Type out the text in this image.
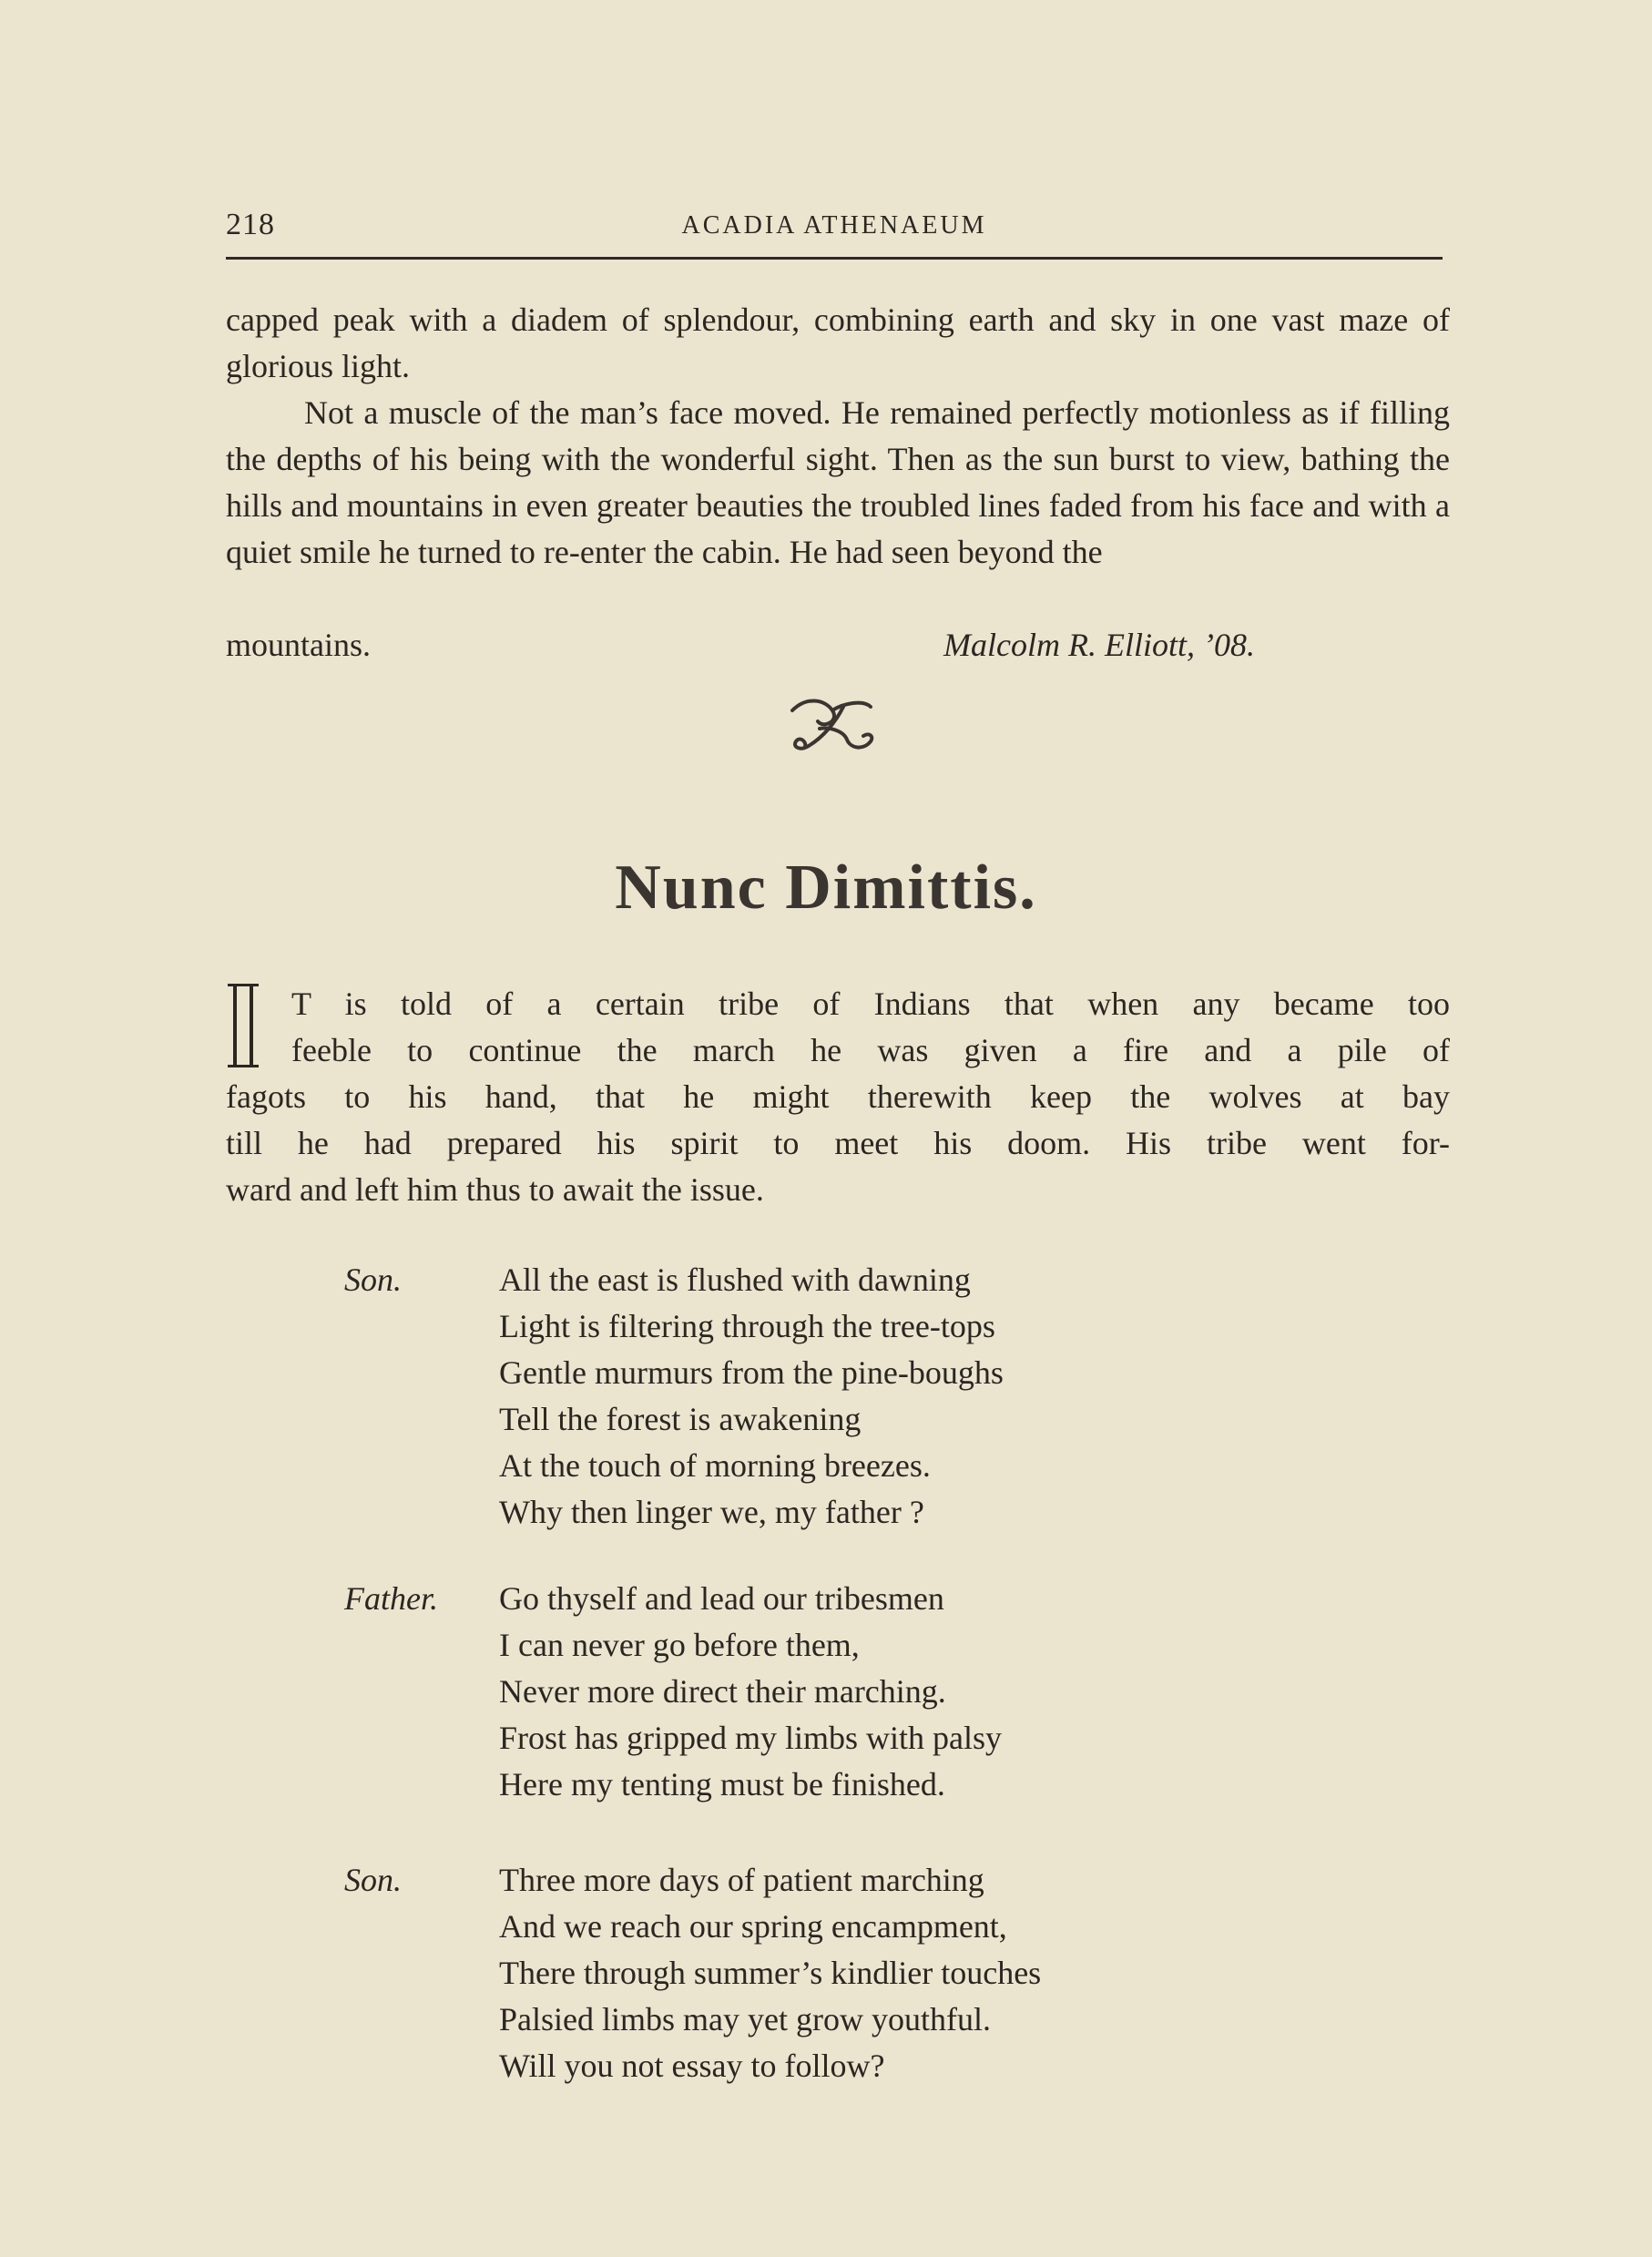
218	ACADIA ATHENAEUM
capped peak with a diadem of splendour, combining earth and sky in one vast maze of glorious light.
Not a muscle of the man’s face moved. He remained perfectly motionless as if filling the depths of his being with the wonderful sight. Then as the sun burst to view, bathing the hills and mountains in even greater beauties the troubled lines faded from his face and with a quiet smile he turned to re-enter the cabin. He had seen beyond the
mountains.	Malcolm R. Elliott, ’08.
Nunc Dimittis.
T is told of a certain tribe of Indians that when any became too
feeble to continue the march he was given a fire and a pile of
fagots to his hand, that he might therewith keep the wolves at bay
till he had prepared his spirit to meet his doom. His tribe went for-
ward and left him thus to await the issue.
Son.	All the east is flushed with dawning
Light is filtering through the tree-tops
Gentle murmurs from the pine-boughs
Tell the forest is awakening
At the touch of morning breezes.
Why then linger we, my father ?
Father. Go thyself and lead our tribesmen
I can never go before them,
Never more direct their marching.
Frost has gripped my limbs with palsy
Here my tenting must be finished.
Son.	Three more days of patient marching
And we reach our spring encampment,
There through summer’s kindlier touches
Palsied limbs may yet grow youthful.
Will you not essay to follow?
